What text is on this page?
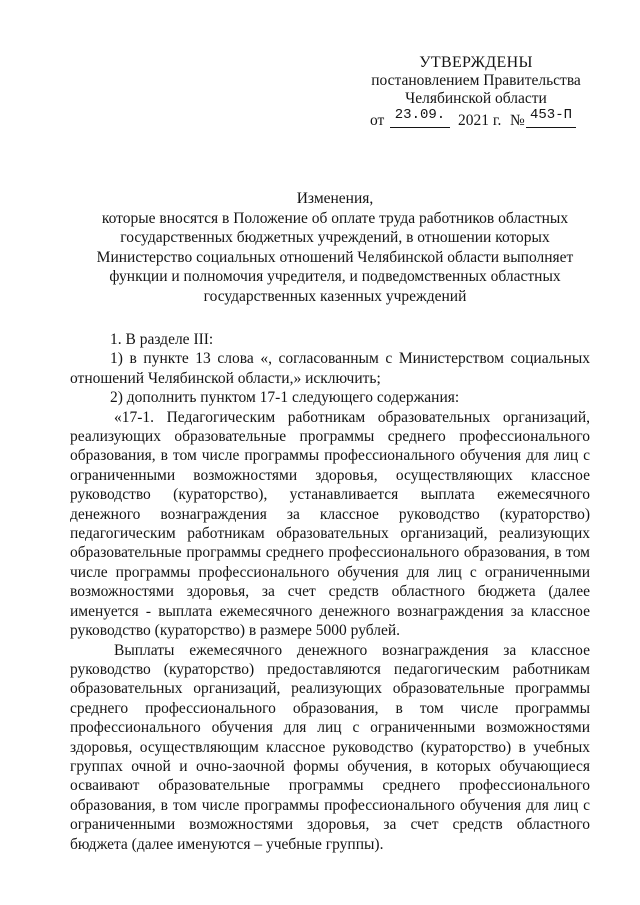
УТВЕРЖДЕНЫ
постановлением Правительства
Челябинской области
от 23.09. 2021 г. № 453-П
Изменения,
которые вносятся в Положение об оплате труда работников областных
государственных бюджетных учреждений, в отношении которых
Министерство социальных отношений Челябинской области выполняет
функции и полномочия учредителя, и подведомственных областных
государственных казенных учреждений

1. В разделе III:

1) в пункте 13 слова «, согласованным с Министерством социальных отношений Челябинской области,» исключить;

2) дополнить пунктом 17-1 следующего содержания:

«17-1. Педагогическим работникам образовательных организаций, реализующих образовательные программы среднего профессионального образования, в том числе программы профессионального обучения для лиц с ограниченными возможностями здоровья, осуществляющих классное руководство (кураторство), устанавливается выплата ежемесячного денежного вознаграждения за классное руководство (кураторство) педагогическим работникам образовательных организаций, реализующих образовательные программы среднего профессионального образования, в том числе программы профессионального обучения для лиц с ограниченными возможностями здоровья, за счет средств областного бюджета (далее именуется - выплата ежемесячного денежного вознаграждения за классное руководство (кураторство) в размере 5000 рублей.

Выплаты ежемесячного денежного вознаграждения за классное руководство (кураторство) предоставляются педагогическим работникам образовательных организаций, реализующих образовательные программы среднего профессионального образования, в том числе программы профессионального обучения для лиц с ограниченными возможностями здоровья, осуществляющим классное руководство (кураторство) в учебных группах очной и очно-заочной формы обучения, в которых обучающиеся осваивают образовательные программы среднего профессионального образования, в том числе программы профессионального обучения для лиц с ограниченными возможностями здоровья, за счет средств областного бюджета (далее именуются – учебные группы).
